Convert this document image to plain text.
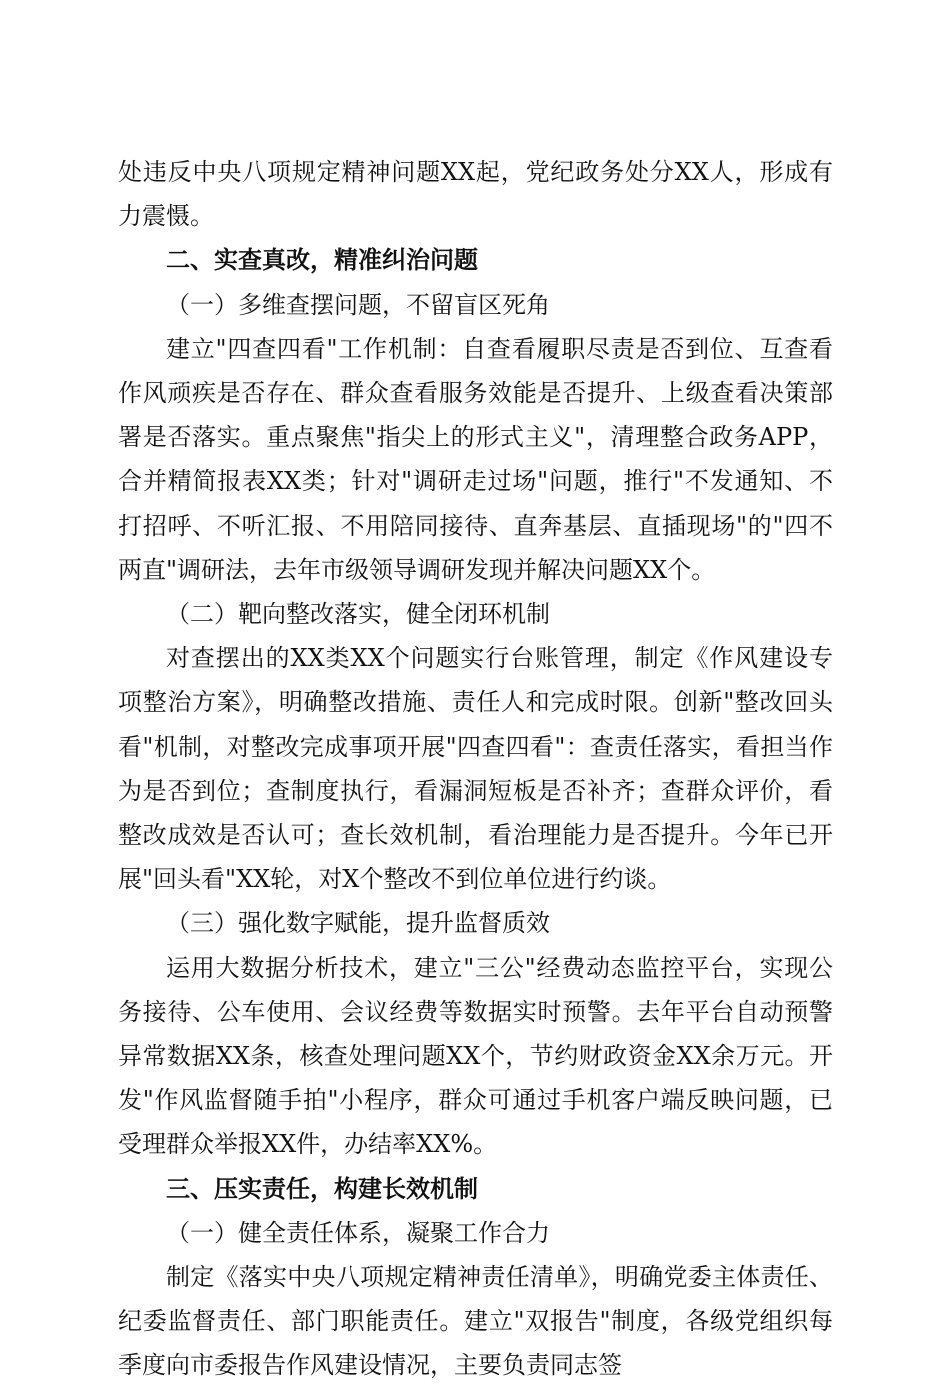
处违反中央八项规定精神问题XX起，党纪政务处分XX人，形成有力震慑。

二、实查真改，精准纠治问题

（一）多维查摆问题，不留盲区死角

建立"四查四看"工作机制：自查看履职尽责是否到位、互查看作风顽疾是否存在、群众查看服务效能是否提升、上级查看决策部署是否落实。重点聚焦"指尖上的形式主义"，清理整合政务APP，合并精简报表XX类；针对"调研走过场"问题，推行"不发通知、不打招呼、不听汇报、不用陪同接待、直奔基层、直插现场"的"四不两直"调研法，去年市级领导调研发现并解决问题XX个。

（二）靶向整改落实，健全闭环机制

对查摆出的XX类XX个问题实行台账管理，制定《作风建设专项整治方案》，明确整改措施、责任人和完成时限。创新"整改回头看"机制，对整改完成事项开展"四查四看"：查责任落实，看担当作为是否到位；查制度执行，看漏洞短板是否补齐；查群众评价，看整改成效是否认可；查长效机制，看治理能力是否提升。今年已开展"回头看"XX轮，对X个整改不到位单位进行约谈。

（三）强化数字赋能，提升监督质效

运用大数据分析技术，建立"三公"经费动态监控平台，实现公务接待、公车使用、会议经费等数据实时预警。去年平台自动预警异常数据XX条，核查处理问题XX个，节约财政资金XX余万元。开发"作风监督随手拍"小程序，群众可通过手机客户端反映问题，已受理群众举报XX件，办结率XX%。

三、压实责任，构建长效机制

（一）健全责任体系，凝聚工作合力

制定《落实中央八项规定精神责任清单》，明确党委主体责任、纪委监督责任、部门职能责任。建立"双报告"制度，各级党组织每季度向市委报告作风建设情况，主要负责同志签
